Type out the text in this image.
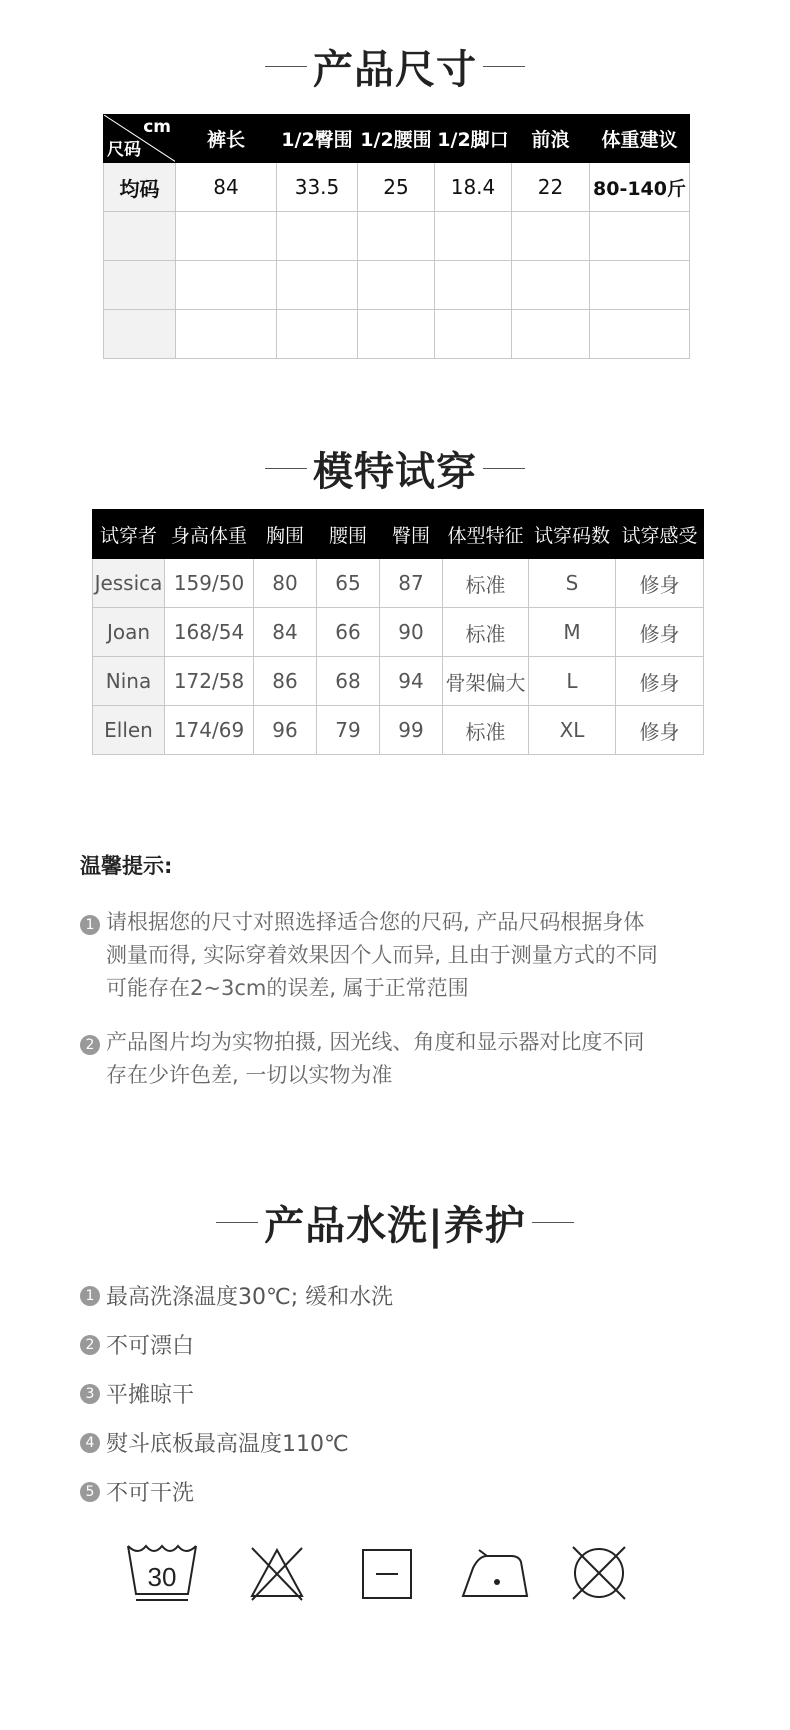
产品尺寸
cm
尺码	裤长	1/2臀围	1/2腰围	1/2脚口	前浪	体重建议
均码	84	33.5	25	18.4	22	80-140斤

模特试穿
试穿者	身高体重	胸围	腰围	臀围	体型特征	试穿码数	试穿感受
Jessica	159/50	80	65	87	标准	S	修身
Joan	168/54	84	66	90	标准	M	修身
Nina	172/58	86	68	94	骨架偏大	L	修身
Ellen	174/69	96	79	99	标准	XL	修身
温馨提示:
1 请根据您的尺寸对照选择适合您的尺码, 产品尺码根据身体
测量而得, 实际穿着效果因个人而异, 且由于测量方式的不同
可能存在2~3cm的误差, 属于正常范围
2 产品图片均为实物拍摄, 因光线、角度和显示器对比度不同
存在少许色差, 一切以实物为准
产品水洗|养护
1 最高洗涤温度30℃; 缓和水洗
2 不可漂白
3 平摊晾干
4 熨斗底板最高温度110℃
5 不可干洗
30
